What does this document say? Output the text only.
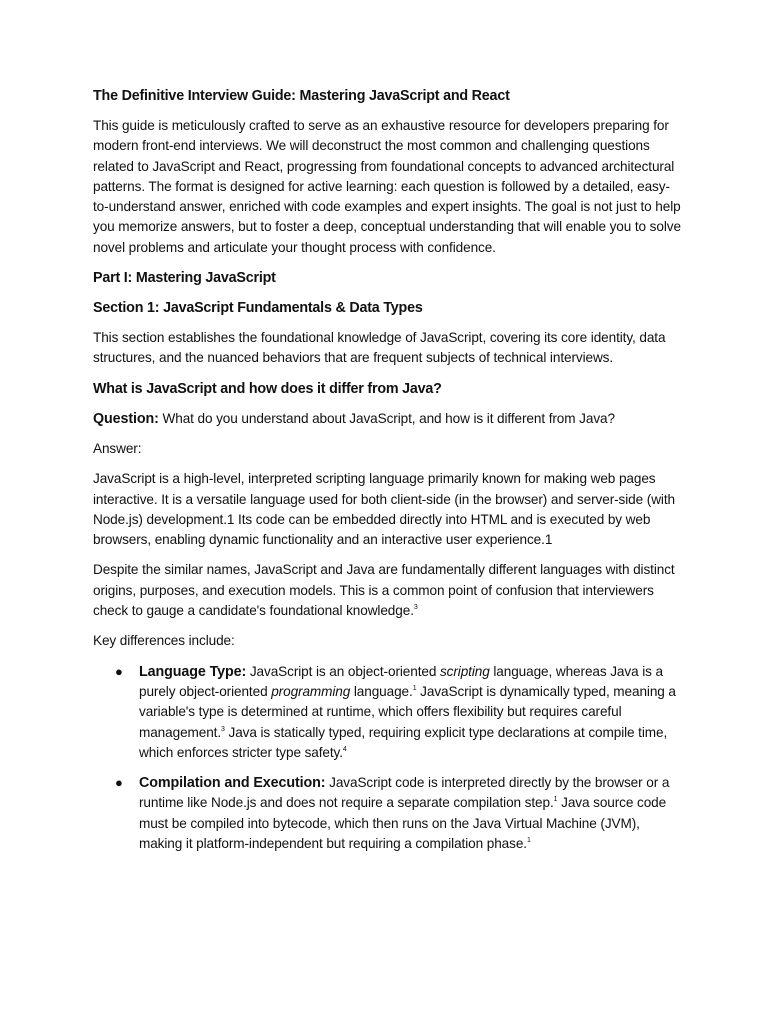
The Definitive Interview Guide: Mastering JavaScript and React

This guide is meticulously crafted to serve as an exhaustive resource for developers preparing for modern front-end interviews. We will deconstruct the most common and challenging questions related to JavaScript and React, progressing from foundational concepts to advanced architectural patterns. The format is designed for active learning: each question is followed by a detailed, easy-to-understand answer, enriched with code examples and expert insights. The goal is not just to help you memorize answers, but to foster a deep, conceptual understanding that will enable you to solve novel problems and articulate your thought process with confidence.

Part I: Mastering JavaScript
Section 1: JavaScript Fundamentals & Data Types

This section establishes the foundational knowledge of JavaScript, covering its core identity, data structures, and the nuanced behaviors that are frequent subjects of technical interviews.

What is JavaScript and how does it differ from Java?

Question: What do you understand about JavaScript, and how is it different from Java?

Answer:

JavaScript is a high-level, interpreted scripting language primarily known for making web pages interactive. It is a versatile language used for both client-side (in the browser) and server-side (with Node.js) development.1 Its code can be embedded directly into HTML and is executed by web browsers, enabling dynamic functionality and an interactive user experience.1

Despite the similar names, JavaScript and Java are fundamentally different languages with distinct origins, purposes, and execution models. This is a common point of confusion that interviewers check to gauge a candidate's foundational knowledge.$^3$

Key differences include:

● Language Type: JavaScript is an object-oriented scripting language, whereas Java is a purely object-oriented programming language.$^1$ JavaScript is dynamically typed, meaning a variable's type is determined at runtime, which offers flexibility but requires careful management.$^3$ Java is statically typed, requiring explicit type declarations at compile time, which enforces stricter type safety.$^4$
● Compilation and Execution: JavaScript code is interpreted directly by the browser or a runtime like Node.js and does not require a separate compilation step.$^1$ Java source code must be compiled into bytecode, which then runs on the Java Virtual Machine (JVM), making it platform-independent but requiring a compilation phase.$^1$
